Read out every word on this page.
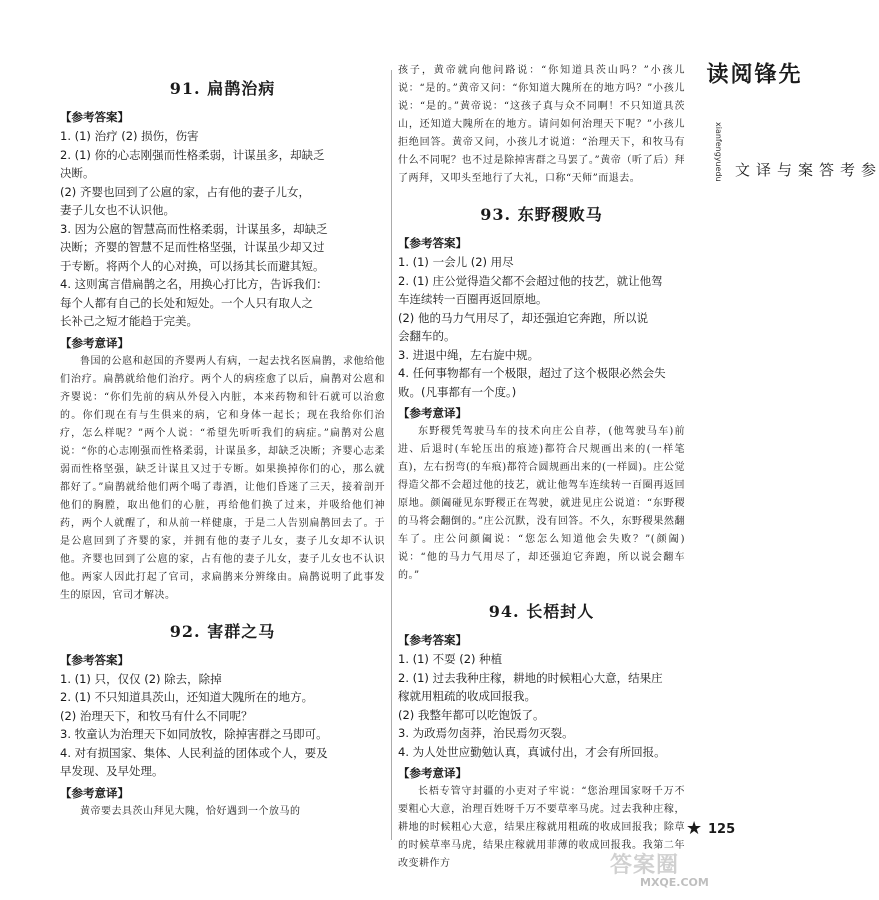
91. 扁鹊治病
【参考答案】

1. (1) 治疗 (2) 损伤，伤害

2. (1) 你的心志刚强而性格柔弱，计谋虽多，却缺乏

决断。

(2) 齐婴也回到了公扈的家，占有他的妻子儿女，

妻子儿女也不认识他。

3. 因为公扈的智慧高而性格柔弱，计谋虽多，却缺乏

决断；齐婴的智慧不足而性格坚强，计谋虽少却又过

于专断。将两个人的心对换，可以扬其长而避其短。

4. 这则寓言借扁鹊之名，用换心打比方，告诉我们：

每个人都有自己的长处和短处。一个人只有取人之

长补己之短才能趋于完美。

【参考意译】

鲁国的公扈和赵国的齐婴两人有病，一起去找名医扁鹊，求他给他们治疗。扁鹊就给他们治疗。两个人的病痊愈了以后，扁鹊对公扈和齐婴说：“你们先前的病从外侵入内脏，本来药物和针石就可以治愈的。你们现在有与生俱来的病，它和身体一起长；现在我给你们治疗，怎么样呢？”两个人说：“希望先听听我们的病症。”扁鹊对公扈说：“你的心志刚强而性格柔弱，计谋虽多，却缺乏决断；齐婴心志柔弱而性格坚强，缺乏计谋且又过于专断。如果换掉你们的心，那么就都好了。”扁鹊就给他们两个喝了毒酒，让他们昏迷了三天，接着剖开他们的胸膛，取出他们的心脏，再给他们换了过来，并吸给他们神药，两个人就醒了，和从前一样健康，于是二人告别扁鹊回去了。于是公扈回到了齐婴的家，并拥有他的妻子儿女，妻子儿女却不认识他。齐婴也回到了公扈的家，占有他的妻子儿女，妻子儿女也不认识他。两家人因此打起了官司，求扁鹊来分辨缘由。扁鹊说明了此事发生的原因，官司才解决。

92. 害群之马
【参考答案】

1. (1) 只，仅仅 (2) 除去，除掉

2. (1) 不只知道具茨山，还知道大隗所在的地方。

(2) 治理天下，和牧马有什么不同呢？

3. 牧童认为治理天下如同放牧，除掉害群之马即可。

4. 对有损国家、集体、人民利益的团体或个人，要及

早发现、及早处理。

【参考意译】

黄帝要去具茨山拜见大隗，恰好遇到一个放马的

孩子，黄帝就向他问路说：“你知道具茨山吗？”小孩儿说：“是的。”黄帝又问：“你知道大隗所在的地方吗？”小孩儿说：“是的。”黄帝说：“这孩子真与众不同啊！不只知道具茨山，还知道大隗所在的地方。请问如何治理天下呢？”小孩儿拒绝回答。黄帝又问，小孩儿才说道：“治理天下，和牧马有什么不同呢？也不过是除掉害群之马罢了。”黄帝（听了后）拜了两拜，又叩头至地行了大礼，口称“天师”而退去。

93. 东野稷败马
【参考答案】

1. (1) 一会儿 (2) 用尽

2. (1) 庄公觉得造父都不会超过他的技艺，就让他驾

车连续转一百圈再返回原地。

(2) 他的马力气用尽了，却还强迫它奔跑，所以说

会翻车的。

3. 进退中绳，左右旋中规。

4. 任何事物都有一个极限，超过了这个极限必然会失

败。(凡事都有一个度。)

【参考意译】

东野稷凭驾驶马车的技术向庄公自荐，(他驾驶马车)前进、后退时(车轮压出的痕迹)都符合尺规画出来的(一样笔直)，左右拐弯(的车痕)都符合圆规画出来的(一样圆)。庄公觉得造父都不会超过他的技艺，就让他驾车连续转一百圈再返回原地。颜阖碰见东野稷正在驾驶，就进见庄公说道：“东野稷的马将会翻倒的。”庄公沉默，没有回答。不久，东野稷果然翻车了。庄公问颜阖说：“您怎么知道他会失败？”(颜阖)说：“他的马力气用尽了，却还强迫它奔跑，所以说会翻车的。”

94. 长梧封人
【参考答案】

1. (1) 不耍 (2) 种植

2. (1) 过去我种庄稼，耕地的时候粗心大意，结果庄

稼就用粗疏的收成回报我。

(2) 我整年都可以吃饱饭了。

3. 为政焉勿卤莽，治民焉勿灭裂。

4. 为人处世应勤勉认真，真诚付出，才会有所回报。

【参考意译】

长梧专管守封疆的小吏对子牢说：“您治理国家呀千万不要粗心大意，治理百姓呀千万不要草率马虎。过去我种庄稼，耕地的时候粗心大意，结果庄稼就用粗疏的收成回报我；除草的时候草率马虎，结果庄稼就用菲薄的收成回报我。我第二年改变耕作方

先锋阅读
xianfengyuedu	参考答案与译文
★ 125
答案圈
MXQE.COM
